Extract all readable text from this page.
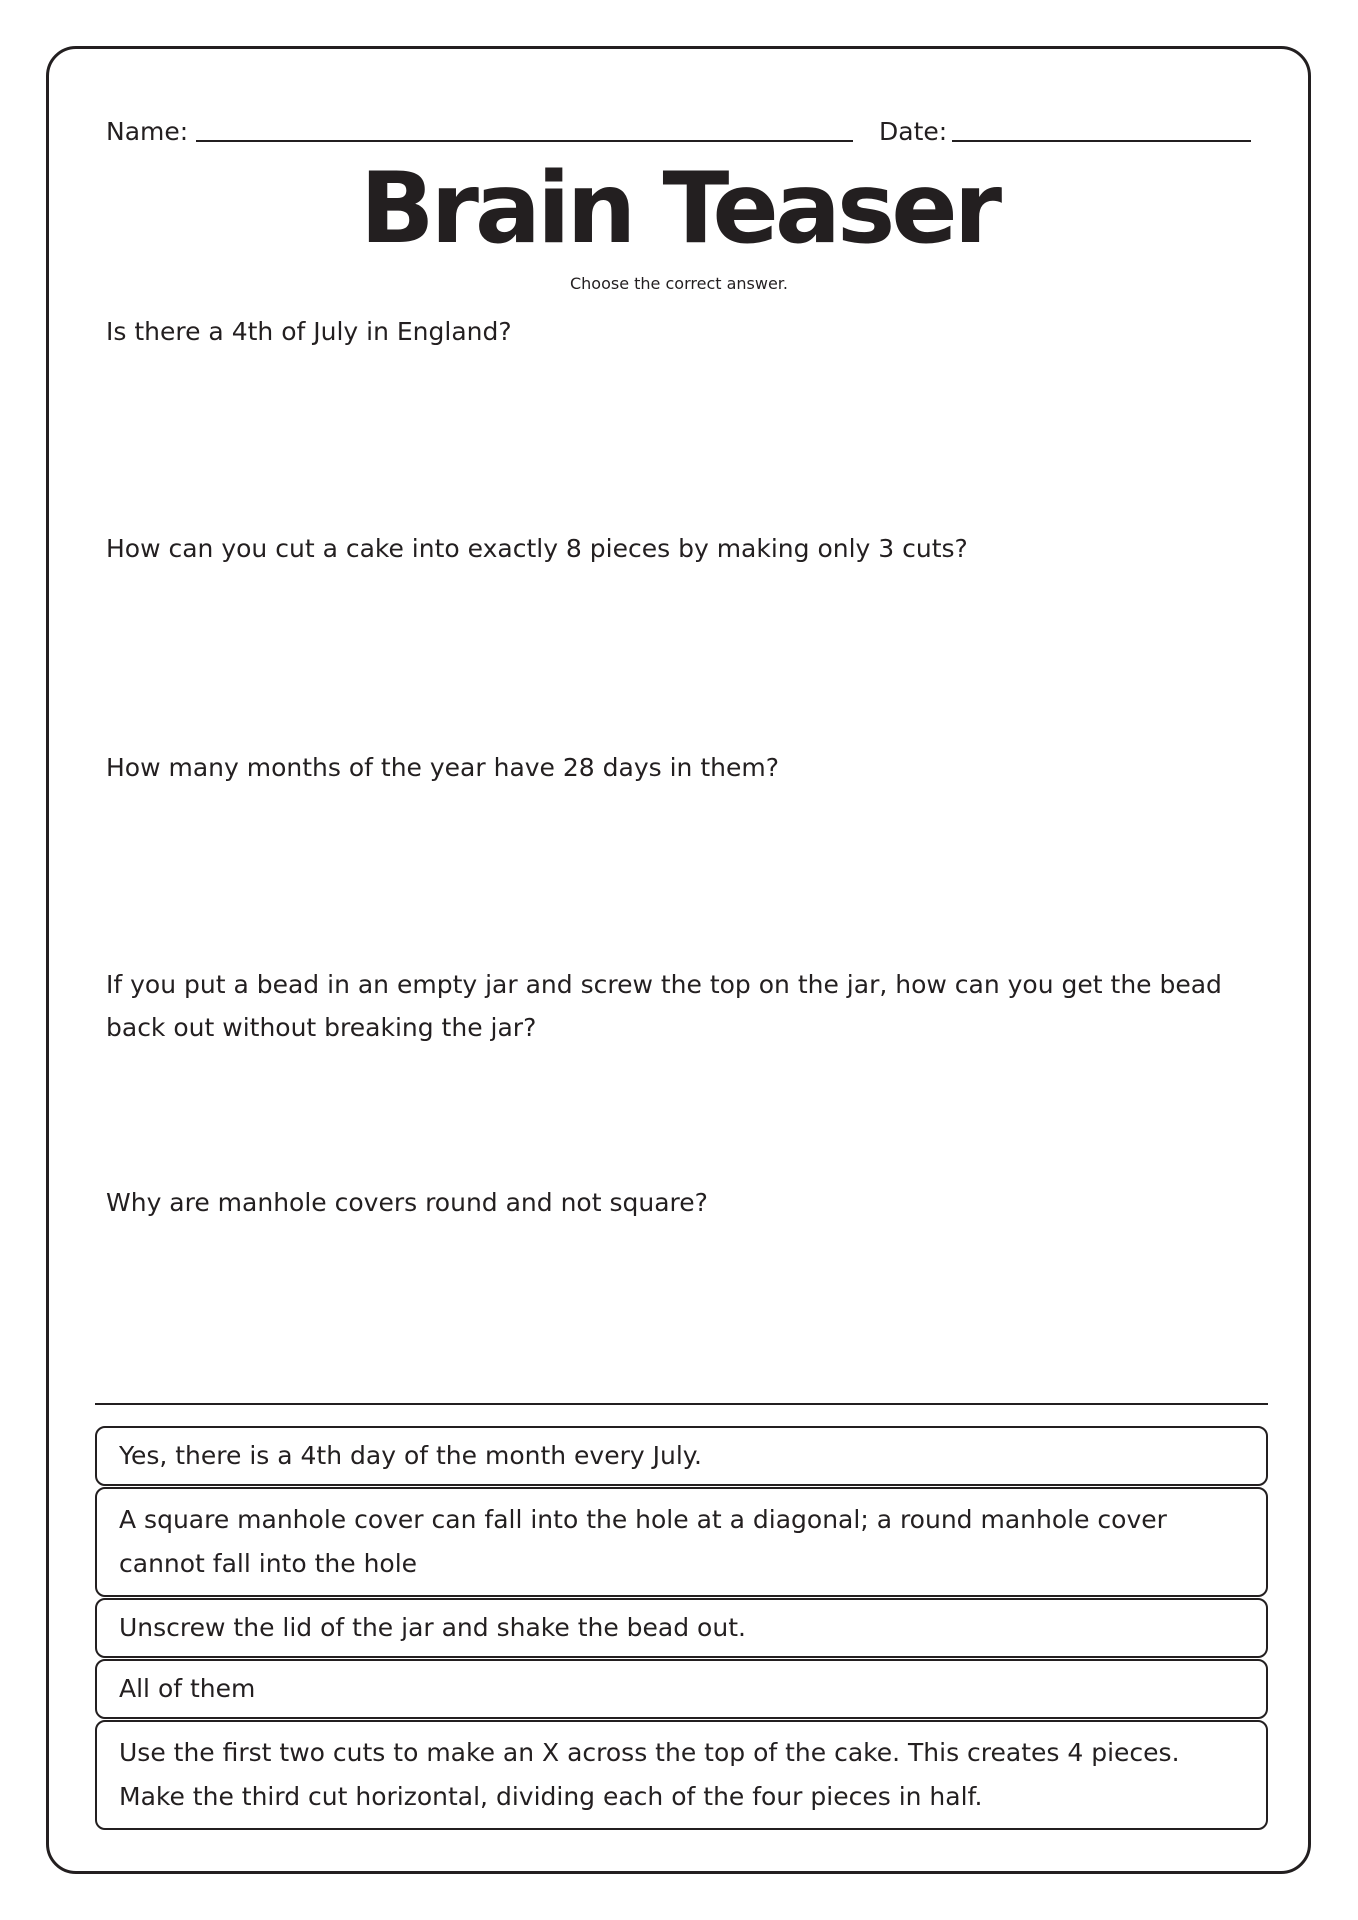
Name:	Date:
Brain Teaser
Choose the correct answer.
Is there a 4th of July in England?
How can you cut a cake into exactly 8 pieces by making only 3 cuts?
How many months of the year have 28 days in them?
If you put a bead in an empty jar and screw the top on the jar, how can you get the bead back out without breaking the jar?
Why are manhole covers round and not square?
Yes, there is a 4th day of the month every July.
A square manhole cover can fall into the hole at a diagonal; a round manhole cover cannot fall into the hole
Unscrew the lid of the jar and shake the bead out.
All of them
Use the first two cuts to make an X across the top of the cake. This creates 4 pieces. Make the third cut horizontal, dividing each of the four pieces in half.
